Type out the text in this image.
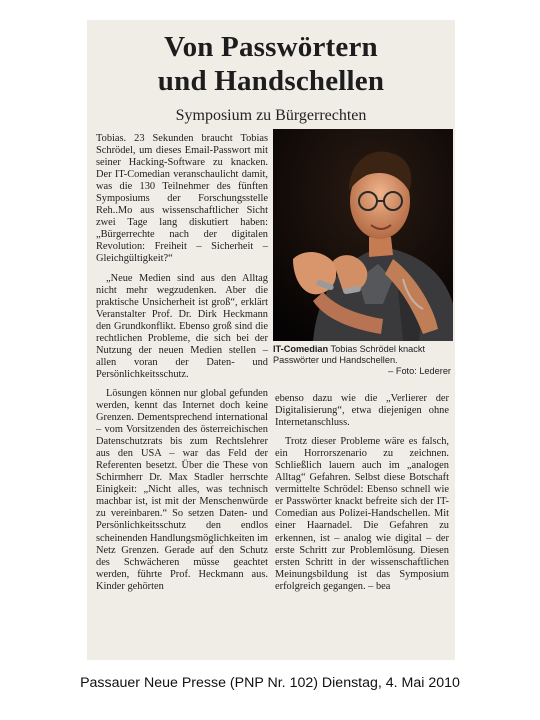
Von Passwörtern
und Handschellen
Symposium zu Bürgerrechten

Tobias. 23 Sekunden braucht Tobias Schrödel, um dieses Email-Passwort mit seiner Hacking-Software zu knacken. Der IT-Comedian veranschaulicht damit, was die 130 Teilnehmer des fünften Symposiums der Forschungsstelle Reh..Mo aus wissenschaftlicher Sicht zwei Tage lang diskutiert haben: „Bürgerrechte nach der digitalen Revolution: Freiheit – Sicherheit – Gleichgültigkeit?“

„Neue Medien sind aus den Alltag nicht mehr wegzudenken. Aber die praktische Unsicherheit ist groß“, erklärt Veranstalter Prof. Dr. Dirk Heckmann den Grundkonflikt. Ebenso groß sind die rechtlichen Probleme, die sich bei der Nutzung der neuen Medien stellen – allen voran der Daten- und Persönlichkeitsschutz.

Lösungen können nur global gefunden werden, kennt das Internet doch keine Grenzen. Dementsprechend international – vom Vorsitzenden des österreichischen Datenschutzrats bis zum Rechtslehrer aus den USA – war das Feld der Referenten besetzt. Über die These von Schirmherr Dr. Max Stadler herrschte Einigkeit: „Nicht alles, was technisch machbar ist, ist mit der Menschenwürde zu vereinbaren.“ So setzen Daten- und Persönlichkeitsschutz den endlos scheinenden Handlungsmöglichkeiten im Netz Grenzen. Gerade auf den Schutz des Schwächeren müsse geachtet werden, führte Prof. Heckmann aus. Kinder gehörten

IT-Comedian Tobias Schrödel knackt Passwörter und Handschellen.
– Foto: Lederer

ebenso dazu wie die „Verlierer der Digitalisierung“, etwa diejenigen ohne Internetanschluss.

Trotz dieser Probleme wäre es falsch, ein Horrorszenario zu zeichnen. Schließlich lauern auch im „analogen Alltag“ Gefahren. Selbst diese Botschaft vermittelte Schrödel: Ebenso schnell wie er Passwörter knackt befreite sich der IT-Comedian aus Polizei-Handschellen. Mit einer Haarnadel. Die Gefahren zu erkennen, ist – analog wie digital – der erste Schritt zur Problemlösung. Diesen ersten Schritt in der wissenschaftlichen Meinungsbildung ist das Symposium erfolgreich gegangen. – bea

Passauer Neue Presse (PNP Nr. 102) Dienstag, 4. Mai 2010
